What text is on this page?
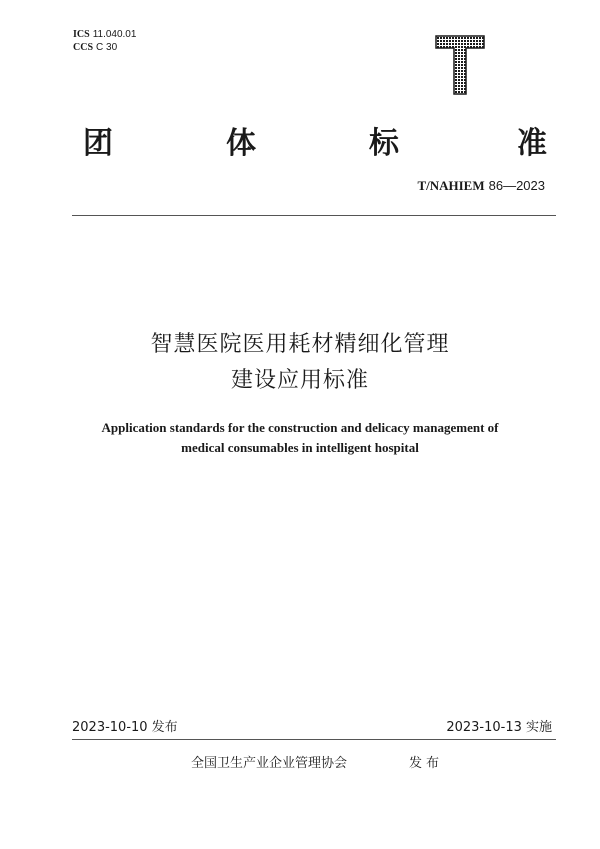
ICS 11.040.01
CCS C 30
团	体	标	准
T/NAHIEM 86—2023
智慧医院医用耗材精细化管理
建设应用标准
Application standards for the construction and delicacy management of
medical consumables in intelligent hospital
2023-10-10 发布	2023-10-13 实施
全国卫生产业企业管理协会	发布
